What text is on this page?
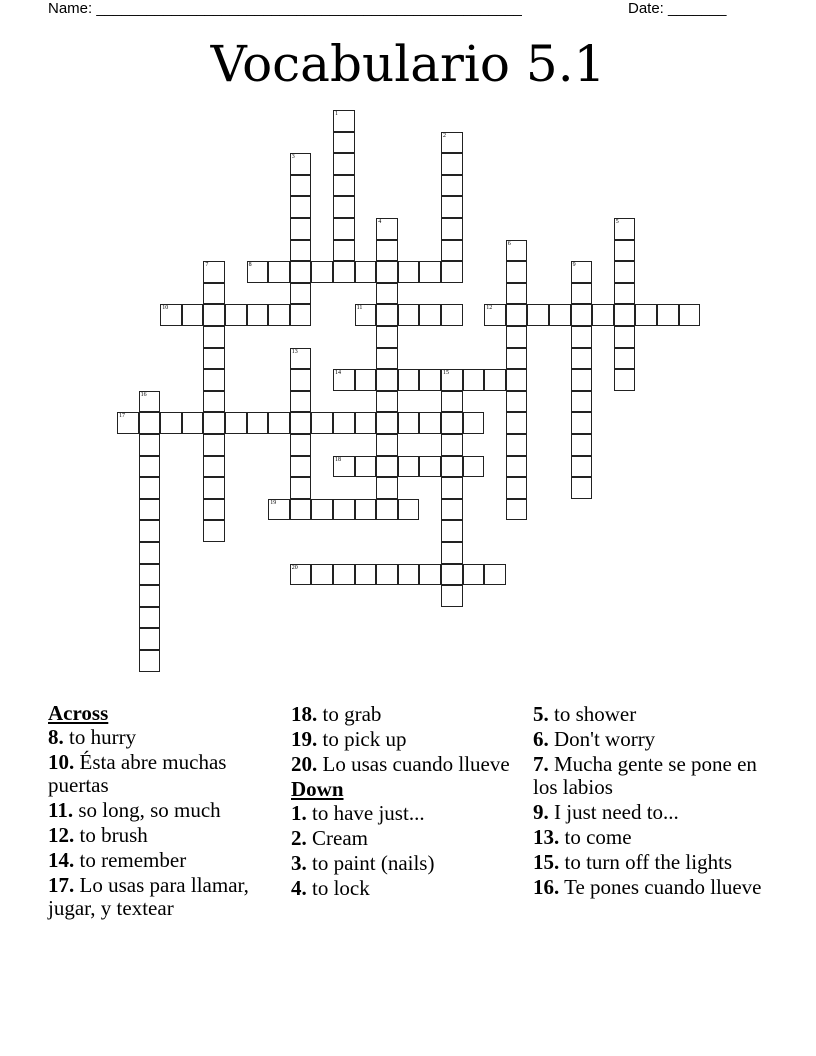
Name: ___________________________________________________	Date: _______
Vocabulario 5.1
1
2
3
4	5
6
7	8	9
10	11	12
13
14	15
16
17
18
19
20
Across
8. to hurry
10. Ésta abre muchas puertas
11. so long, so much
12. to brush
14. to remember
17. Lo usas para llamar, jugar, y textear
18. to grab
19. to pick up
20. Lo usas cuando llueve
Down
1. to have just...
2. Cream
3. to paint (nails)
4. to lock
5. to shower
6. Don't worry
7. Mucha gente se pone en los labios
9. I just need to...
13. to come
15. to turn off the lights
16. Te pones cuando llueve
